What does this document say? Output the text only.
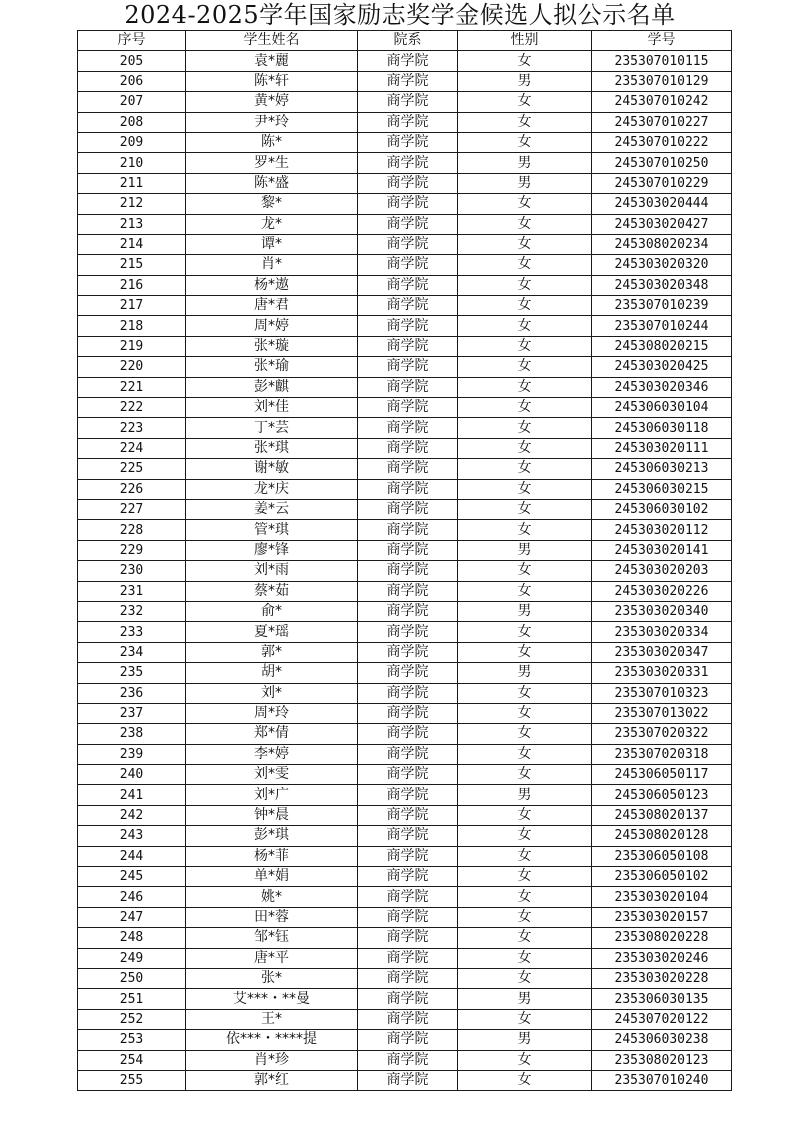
2024-2025学年国家励志奖学金候选人拟公示名单
序号	学生姓名	院系	性别	学号
205	袁*麗	商学院	女	235307010115
206	陈*轩	商学院	男	235307010129
207	黄*婷	商学院	女	245307010242
208	尹*玲	商学院	女	245307010227
209	陈*	商学院	女	245307010222
210	罗*生	商学院	男	245307010250
211	陈*盛	商学院	男	245307010229
212	黎*	商学院	女	245303020444
213	龙*	商学院	女	245303020427
214	谭*	商学院	女	245308020234
215	肖*	商学院	女	245303020320
216	杨*遨	商学院	女	245303020348
217	唐*君	商学院	女	235307010239
218	周*婷	商学院	女	235307010244
219	张*璇	商学院	女	245308020215
220	张*瑜	商学院	女	245303020425
221	彭*麒	商学院	女	245303020346
222	刘*佳	商学院	女	245306030104
223	丁*芸	商学院	女	245306030118
224	张*琪	商学院	女	245303020111
225	谢*敏	商学院	女	245306030213
226	龙*庆	商学院	女	245306030215
227	姜*云	商学院	女	245306030102
228	管*琪	商学院	女	245303020112
229	廖*锋	商学院	男	245303020141
230	刘*雨	商学院	女	245303020203
231	蔡*茹	商学院	女	245303020226
232	俞*	商学院	男	235303020340
233	夏*瑶	商学院	女	235303020334
234	郭*	商学院	女	235303020347
235	胡*	商学院	男	235303020331
236	刘*	商学院	女	235307010323
237	周*玲	商学院	女	235307013022
238	郑*倩	商学院	女	235307020322
239	李*婷	商学院	女	235307020318
240	刘*雯	商学院	女	245306050117
241	刘*广	商学院	男	245306050123
242	钟*晨	商学院	女	245308020137
243	彭*琪	商学院	女	245308020128
244	杨*菲	商学院	女	235306050108
245	单*娟	商学院	女	235306050102
246	姚*	商学院	女	235303020104
247	田*蓉	商学院	女	235303020157
248	邹*钰	商学院	女	235308020228
249	唐*平	商学院	女	235303020246
250	张*	商学院	女	235303020228
251	艾***・**曼	商学院	男	235306030135
252	王*	商学院	女	245307020122
253	依***・****提	商学院	男	245306030238
254	肖*珍	商学院	女	235308020123
255	郭*红	商学院	女	235307010240
